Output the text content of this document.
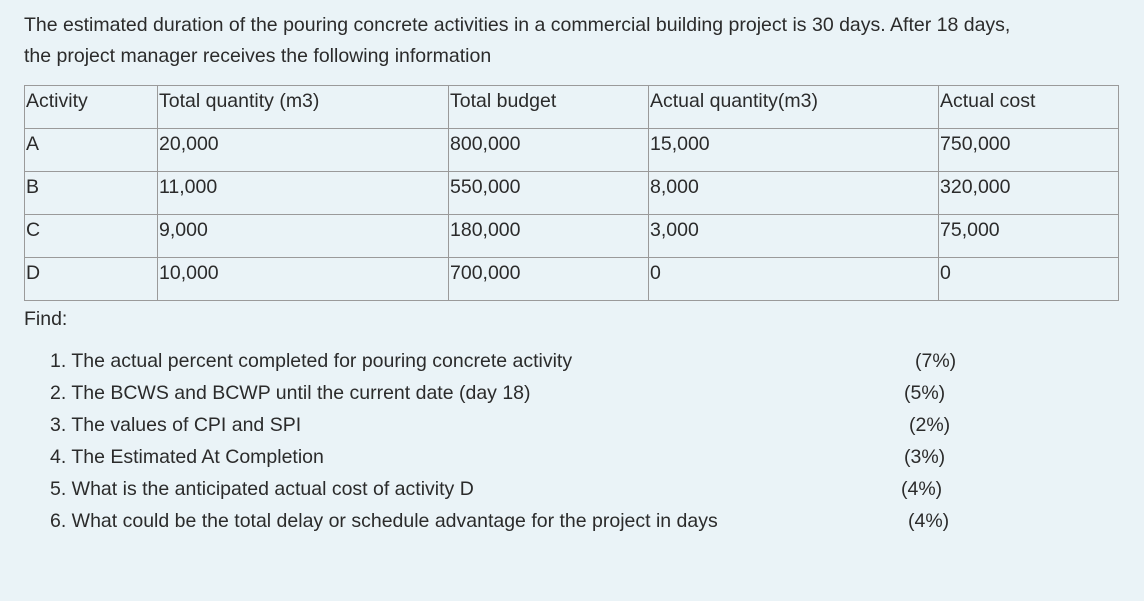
The estimated duration of the pouring concrete activities in a commercial building project is 30 days. After 18 days,
the project manager receives the following information
Activity	Total quantity (m3)	Total budget	Actual quantity(m3)	Actual cost
A	20,000	800,000	15,000	750,000
B	11,000	550,000	8,000	320,000
C	9,000	180,000	3,000	75,000
D	10,000	700,000	0	0
Find:
1. The actual percent completed for pouring concrete activity	(7%)
2. The BCWS and BCWP until the current date (day 18)	(5%)
3. The values of CPI and SPI	(2%)
4. The Estimated At Completion	(3%)
5. What is the anticipated actual cost of activity D	(4%)
6. What could be the total delay or schedule advantage for the project in days	(4%)
